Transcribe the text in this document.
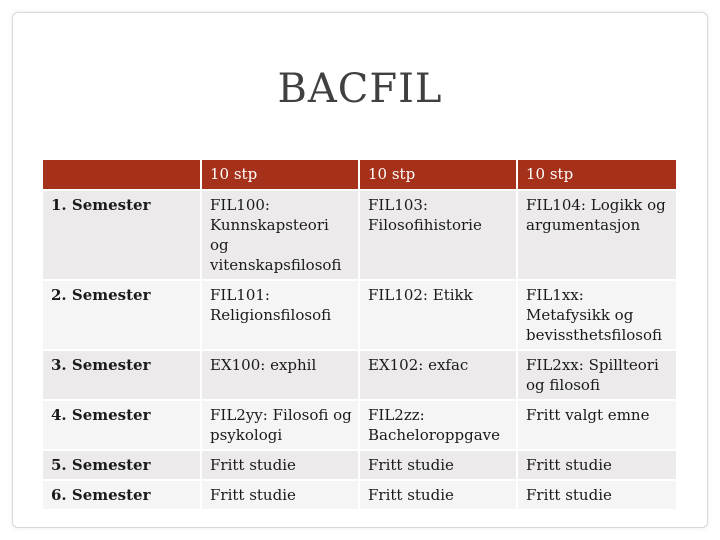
BACFIL
	10 stp	10 stp	10 stp
1. Semester	FIL100: Kunnskapsteori og vitenskapsfilosofi	FIL103: Filosofihistorie	FIL104: Logikk og argumentasjon
2. Semester	FIL101: Religionsfilosofi	FIL102: Etikk	FIL1xx: Metafysikk og bevissthetsfilosofi
3. Semester	EX100: exphil	EX102: exfac	FIL2xx: Spillteori og filosofi
4. Semester	FIL2yy: Filosofi og psykologi	FIL2zz: Bacheloroppgave	Fritt valgt emne
5. Semester	Fritt studie	Fritt studie	Fritt studie
6. Semester	Fritt studie	Fritt studie	Fritt studie
